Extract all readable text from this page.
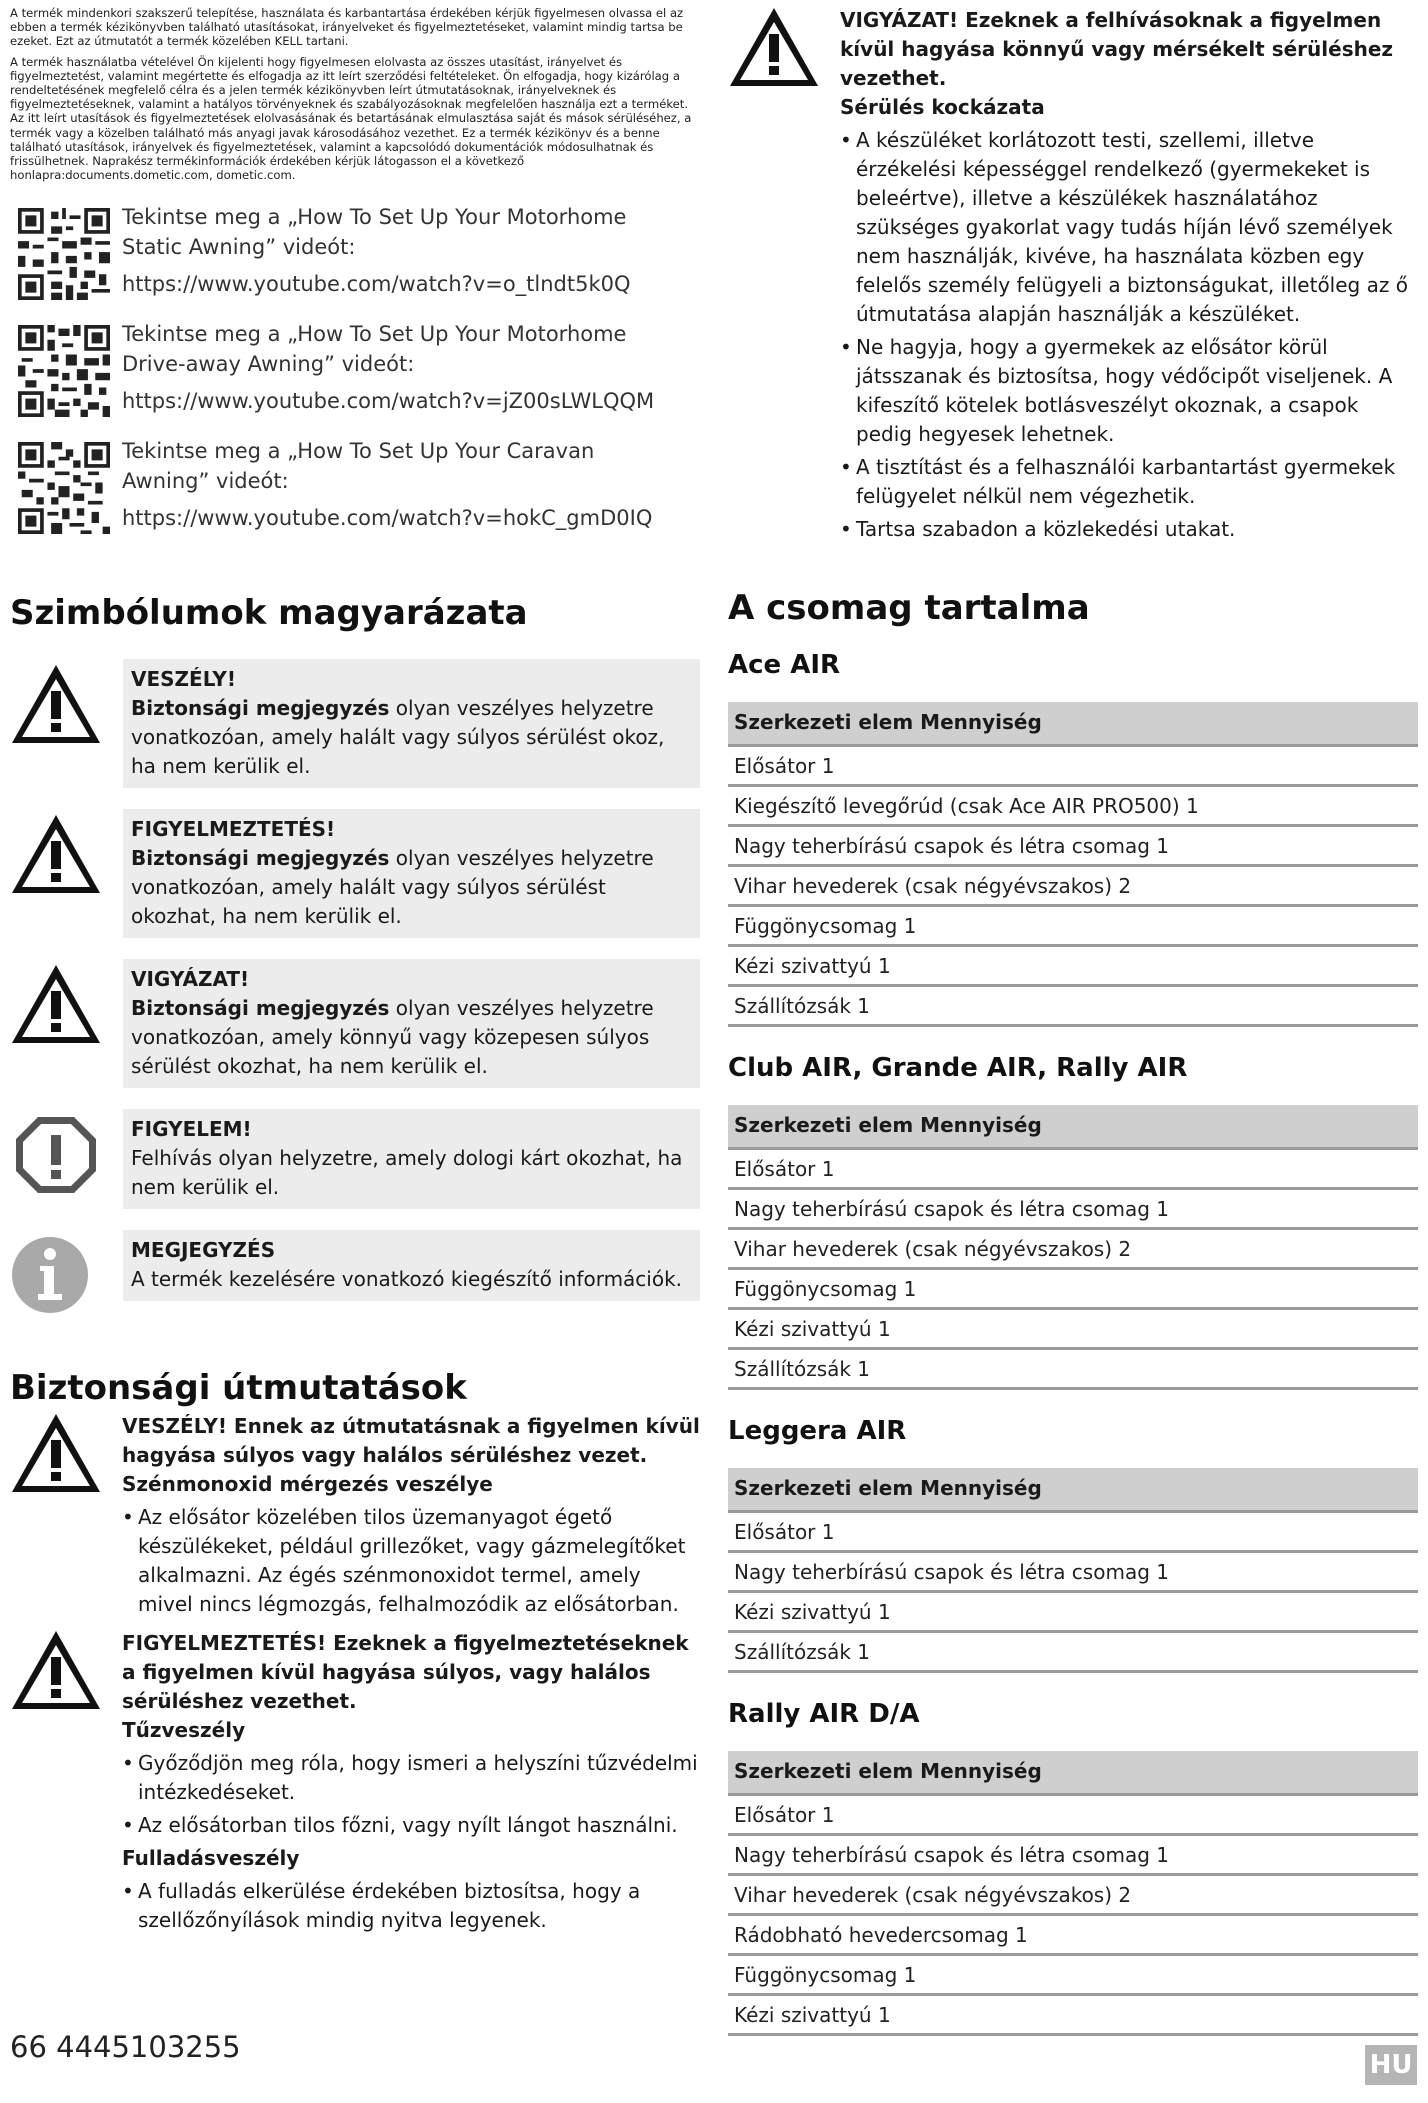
A termék mindenkori szakszerű telepítése, használata és karbantartása érdekében kérjük figyelmesen olvassa el az ebben a termék kézikönyvben található utasításokat, irányelveket és figyelmeztetéseket, valamint mindig tartsa be ezeket. Ezt az útmutatót a termék közelében KELL tartani.

A termék használatba vételével Ön kijelenti hogy figyelmesen elolvasta az összes utasítást, irányelvet és figyelmeztetést, valamint megértette és elfogadja az itt leírt szerződési feltételeket. Ön elfogadja, hogy kizárólag a rendeltetésének megfelelő célra és a jelen termék kézikönyvben leírt útmutatásoknak, irányelveknek és figyelmeztetéseknek, valamint a hatályos törvényeknek és szabályozásoknak megfelelően használja ezt a terméket. Az itt leírt utasítások és figyelmeztetések elolvasásának és betartásának elmulasztása saját és mások sérüléséhez, a termék vagy a közelben található más anyagi javak károsodásához vezethet. Ez a termék kézikönyv és a benne található utasítások, irányelvek és figyelmeztetések, valamint a kapcsolódó dokumentációk módosulhatnak és frissülhetnek. Naprakész termékinformációk érdekében kérjük látogasson el a következő honlapra:documents.dometic.com, dometic.com.

Tekintse meg a „How To Set Up Your Motorhome Static Awning” videót:
https://www.youtube.com/watch?v=o_tlndt5k0Q
Tekintse meg a „How To Set Up Your Motorhome Drive-away Awning” videót:
https://www.youtube.com/watch?v=jZ00sLWLQQM
Tekintse meg a „How To Set Up Your Caravan Awning” videót:
https://www.youtube.com/watch?v=hokC_gmD0IQ
Szimbólumok magyarázata
VESZÉLY!
Biztonsági megjegyzés olyan veszélyes helyzetre vonatkozóan, amely halált vagy súlyos sérülést okoz, ha nem kerülik el.
FIGYELMEZTETÉS!
Biztonsági megjegyzés olyan veszélyes helyzetre vonatkozóan, amely halált vagy súlyos sérülést okozhat, ha nem kerülik el.
VIGYÁZAT!
Biztonsági megjegyzés olyan veszélyes helyzetre vonatkozóan, amely könnyű vagy közepesen súlyos sérülést okozhat, ha nem kerülik el.
FIGYELEM!
Felhívás olyan helyzetre, amely dologi kárt okozhat, ha nem kerülik el.
MEGJEGYZÉS
A termék kezelésére vonatkozó kiegészítő információk.
Biztonsági útmutatások
VESZÉLY! Ennek az útmutatásnak a figyelmen kívül hagyása súlyos vagy halálos sérüléshez vezet.
Szénmonoxid mérgezés veszélye
• Az elősátor közelében tilos üzemanyagot égető készülékeket, például grillezőket, vagy gázmelegítőket alkalmazni. Az égés szénmonoxidot termel, amely mivel nincs légmozgás, felhalmozódik az elősátorban.
FIGYELMEZTETÉS! Ezeknek a figyelmeztetéseknek a figyelmen kívül hagyása súlyos, vagy halálos sérüléshez vezethet.
Tűzveszély
• Győződjön meg róla, hogy ismeri a helyszíni tűzvédelmi intézkedéseket.
• Az elősátorban tilos főzni, vagy nyílt lángot használni.
Fulladásveszély
• A fulladás elkerülése érdekében biztosítsa, hogy a szellőzőnyílások mindig nyitva legyenek.
VIGYÁZAT! Ezeknek a felhívásoknak a figyelmen kívül hagyása könnyű vagy mérsékelt sérüléshez vezethet.
Sérülés kockázata
• A készüléket korlátozott testi, szellemi, illetve érzékelési képességgel rendelkező (gyermekeket is beleértve), illetve a készülékek használatához szükséges gyakorlat vagy tudás híján lévő személyek nem használják, kivéve, ha használata közben egy felelős személy felügyeli a biztonságukat, illetőleg az ő útmutatása alapján használják a készüléket.
• Ne hagyja, hogy a gyermekek az elősátor körül játsszanak és biztosítsa, hogy védőcipőt viseljenek. A kifeszítő kötelek botlásveszélyt okoznak, a csapok pedig hegyesek lehetnek.
• A tisztítást és a felhasználói karbantartást gyermekek felügyelet nélkül nem végezhetik.
• Tartsa szabadon a közlekedési utakat.
A csomag tartalma
Ace AIR
Szerkezeti elem Mennyiség
Elősátor 1
Kiegészítő levegőrúd (csak Ace AIR PRO500) 1
Nagy teherbírású csapok és létra csomag 1
Vihar hevederek (csak négyévszakos) 2
Függönycsomag 1
Kézi szivattyú 1
Szállítózsák 1
Club AIR, Grande AIR, Rally AIR
Szerkezeti elem Mennyiség
Elősátor 1
Nagy teherbírású csapok és létra csomag 1
Vihar hevederek (csak négyévszakos) 2
Függönycsomag 1
Kézi szivattyú 1
Szállítózsák 1
Leggera AIR
Szerkezeti elem Mennyiség
Elősátor 1
Nagy teherbírású csapok és létra csomag 1
Kézi szivattyú 1
Szállítózsák 1
Rally AIR D/A
Szerkezeti elem Mennyiség
Elősátor 1
Nagy teherbírású csapok és létra csomag 1
Vihar hevederek (csak négyévszakos) 2
Rádobható hevedercsomag 1
Függönycsomag 1
Kézi szivattyú 1
66 4445103255
HU
